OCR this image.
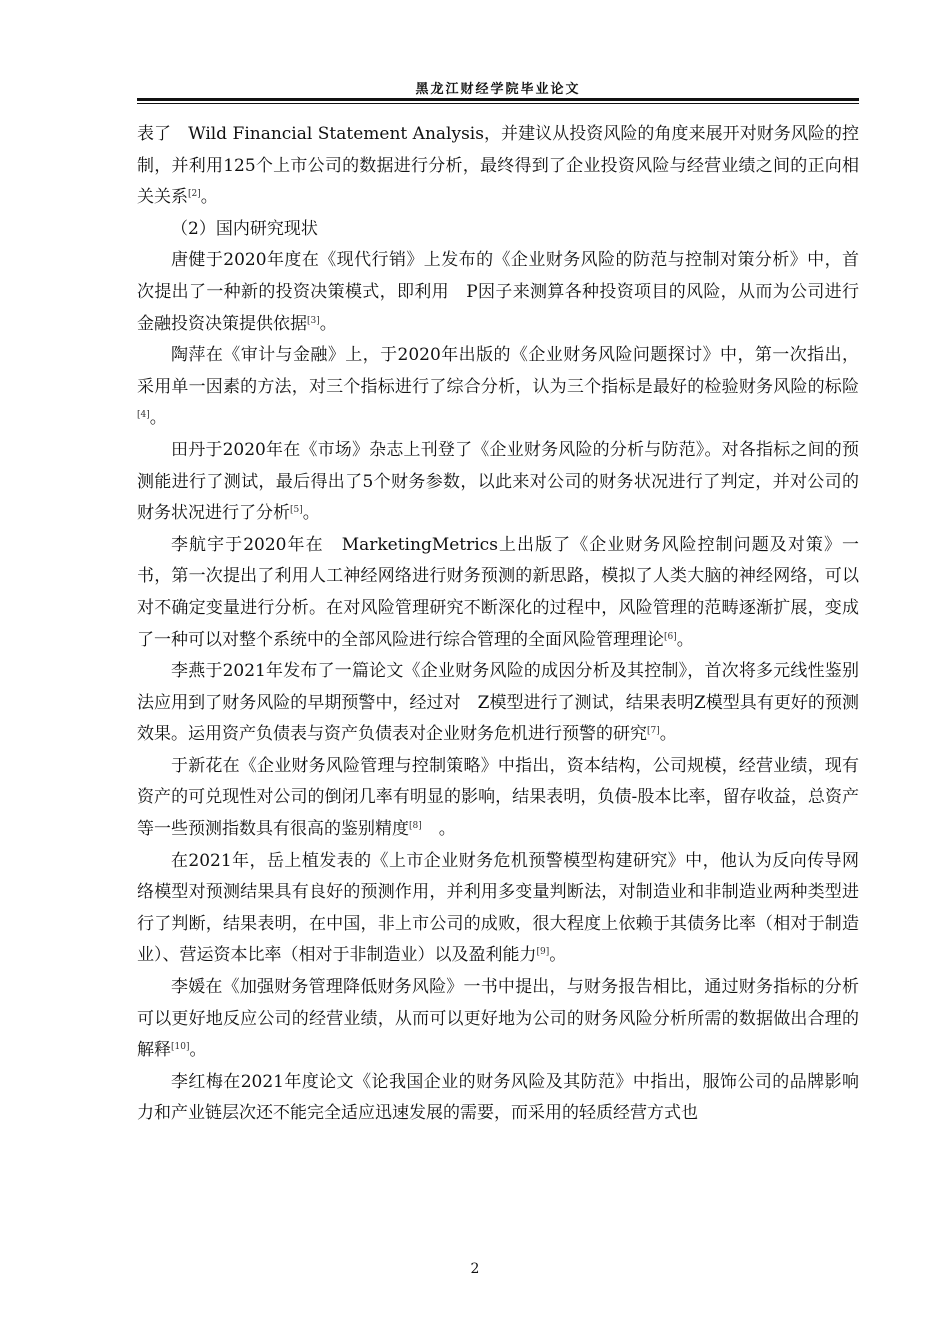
黑龙江财经学院毕业论文

表了　Wild Financial Statement Analysis，并建议从投资风险的角度来展开对财务风险的控制，并利用125个上市公司的数据进行分析，最终得到了企业投资风险与经营业绩之间的正向相关关系[2]。

（2）国内研究现状

唐健于2020年度在《现代行销》上发布的《企业财务风险的防范与控制对策分析》中，首次提出了一种新的投资决策模式，即利用　P因子来测算各种投资项目的风险，从而为公司进行金融投资决策提供依据[3]。

陶萍在《审计与金融》上，于2020年出版的《企业财务风险问题探讨》中，第一次指出，采用单一因素的方法，对三个指标进行了综合分析，认为三个指标是最好的检验财务风险的标险[4]。

田丹于2020年在《市场》杂志上刊登了《企业财务风险的分析与防范》。对各指标之间的预测能进行了测试，最后得出了5个财务参数，以此来对公司的财务状况进行了判定，并对公司的财务状况进行了分析[5]。

李航宇于2020年在　MarketingMetrics上出版了《企业财务风险控制问题及对策》一书，第一次提出了利用人工神经网络进行财务预测的新思路，模拟了人类大脑的神经网络，可以对不确定变量进行分析。在对风险管理研究不断深化的过程中，风险管理的范畴逐渐扩展，变成了一种可以对整个系统中的全部风险进行综合管理的全面风险管理理论[6]。

李燕于2021年发布了一篇论文《企业财务风险的成因分析及其控制》，首次将多元线性鉴别法应用到了财务风险的早期预警中，经过对　Z模型进行了测试，结果表明Z模型具有更好的预测效果。运用资产负债表与资产负债表对企业财务危机进行预警的研究[7]。

于新花在《企业财务风险管理与控制策略》中指出，资本结构，公司规模，经营业绩，现有资产的可兑现性对公司的倒闭几率有明显的影响，结果表明，负债-股本比率，留存收益，总资产等一些预测指数具有很高的鉴别精度[8]　。

在2021年，岳上植发表的《上市企业财务危机预警模型构建研究》中，他认为反向传导网络模型对预测结果具有良好的预测作用，并利用多变量判断法，对制造业和非制造业两种类型进行了判断，结果表明，在中国，非上市公司的成败，很大程度上依赖于其债务比率（相对于制造业）、营运资本比率（相对于非制造业）以及盈利能力[9]。

李媛在《加强财务管理降低财务风险》一书中提出，与财务报告相比，通过财务指标的分析可以更好地反应公司的经营业绩，从而可以更好地为公司的财务风险分析所需的数据做出合理的解释[10]。

李红梅在2021年度论文《论我国企业的财务风险及其防范》中指出，服饰公司的品牌影响力和产业链层次还不能完全适应迅速发展的需要，而采用的轻质经营方式也

2
